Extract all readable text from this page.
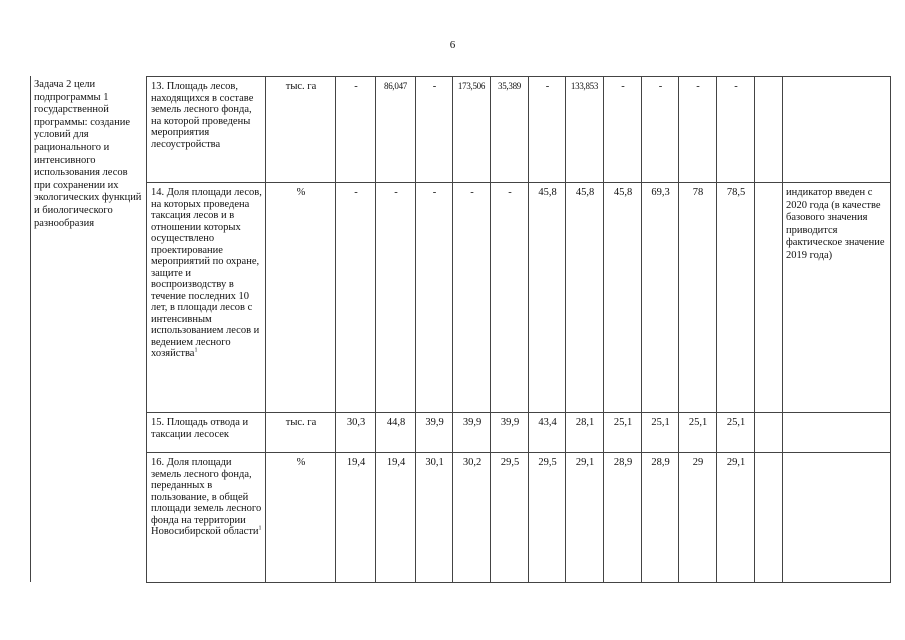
6
Задача 2 цели подпрограммы 1 государственной программы: создание условий для рационального и интенсивного использования лесов при сохранении их экологических функций и биологического разнообразия
13. Площадь лесов, находящихся в составе земель лесного фонда, на которой проведены мероприятия лесоустройства	тыс. га	-	86,047	-	173,506	35,389	-	133,853	-	-	-	-		
14. Доля площади лесов, на которых проведена таксация лесов и в отношении которых осуществлено проектирование мероприятий по охране, защите и воспроизводству в течение последних 10 лет, в площади лесов с интенсивным использованием лесов и ведением лесного хозяйства$^1$	%	-	-	-	-	-	45,8	45,8	45,8	69,3	78	78,5		индикатор введен с 2020 года (в качестве базового значения приводится фактическое значение 2019 года)
15. Площадь отвода и таксации лесосек	тыс. га	30,3	44,8	39,9	39,9	39,9	43,4	28,1	25,1	25,1	25,1	25,1		
16. Доля площади земель лесного фонда, переданных в пользование, в общей площади земель лесного фонда на территории Новосибирской области$^1$	%	19,4	19,4	30,1	30,2	29,5	29,5	29,1	28,9	28,9	29	29,1		
